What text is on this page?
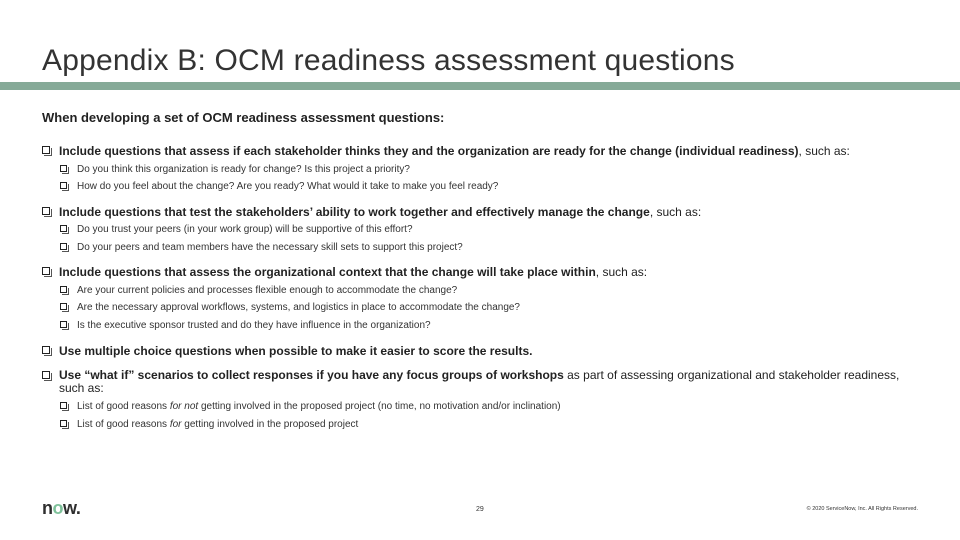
Appendix B: OCM readiness assessment questions
When developing a set of OCM readiness assessment questions:
Include questions that assess if each stakeholder thinks they and the organization are ready for the change (individual readiness), such as:
Do you think this organization is ready for change? Is this project a priority?
How do you feel about the change? Are you ready? What would it take to make you feel ready?
Include questions that test the stakeholders’ ability to work together and effectively manage the change, such as:
Do you trust your peers (in your work group) will be supportive of this effort?
Do your peers and team members have the necessary skill sets to support this project?
Include questions that assess the organizational context that the change will take place within, such as:
Are your current policies and processes flexible enough to accommodate the change?
Are the necessary approval workflows, systems, and logistics in place to accommodate the change?
Is the executive sponsor trusted and do they have influence in the organization?
Use multiple choice questions when possible to make it easier to score the results.
Use “what if” scenarios to collect responses if you have any focus groups of workshops as part of assessing organizational and stakeholder readiness, such as:
List of good reasons for not getting involved in the proposed project (no time, no motivation and/or inclination)
List of good reasons for getting involved in the proposed project
now.	29	© 2020 ServiceNow, Inc. All Rights Reserved.
